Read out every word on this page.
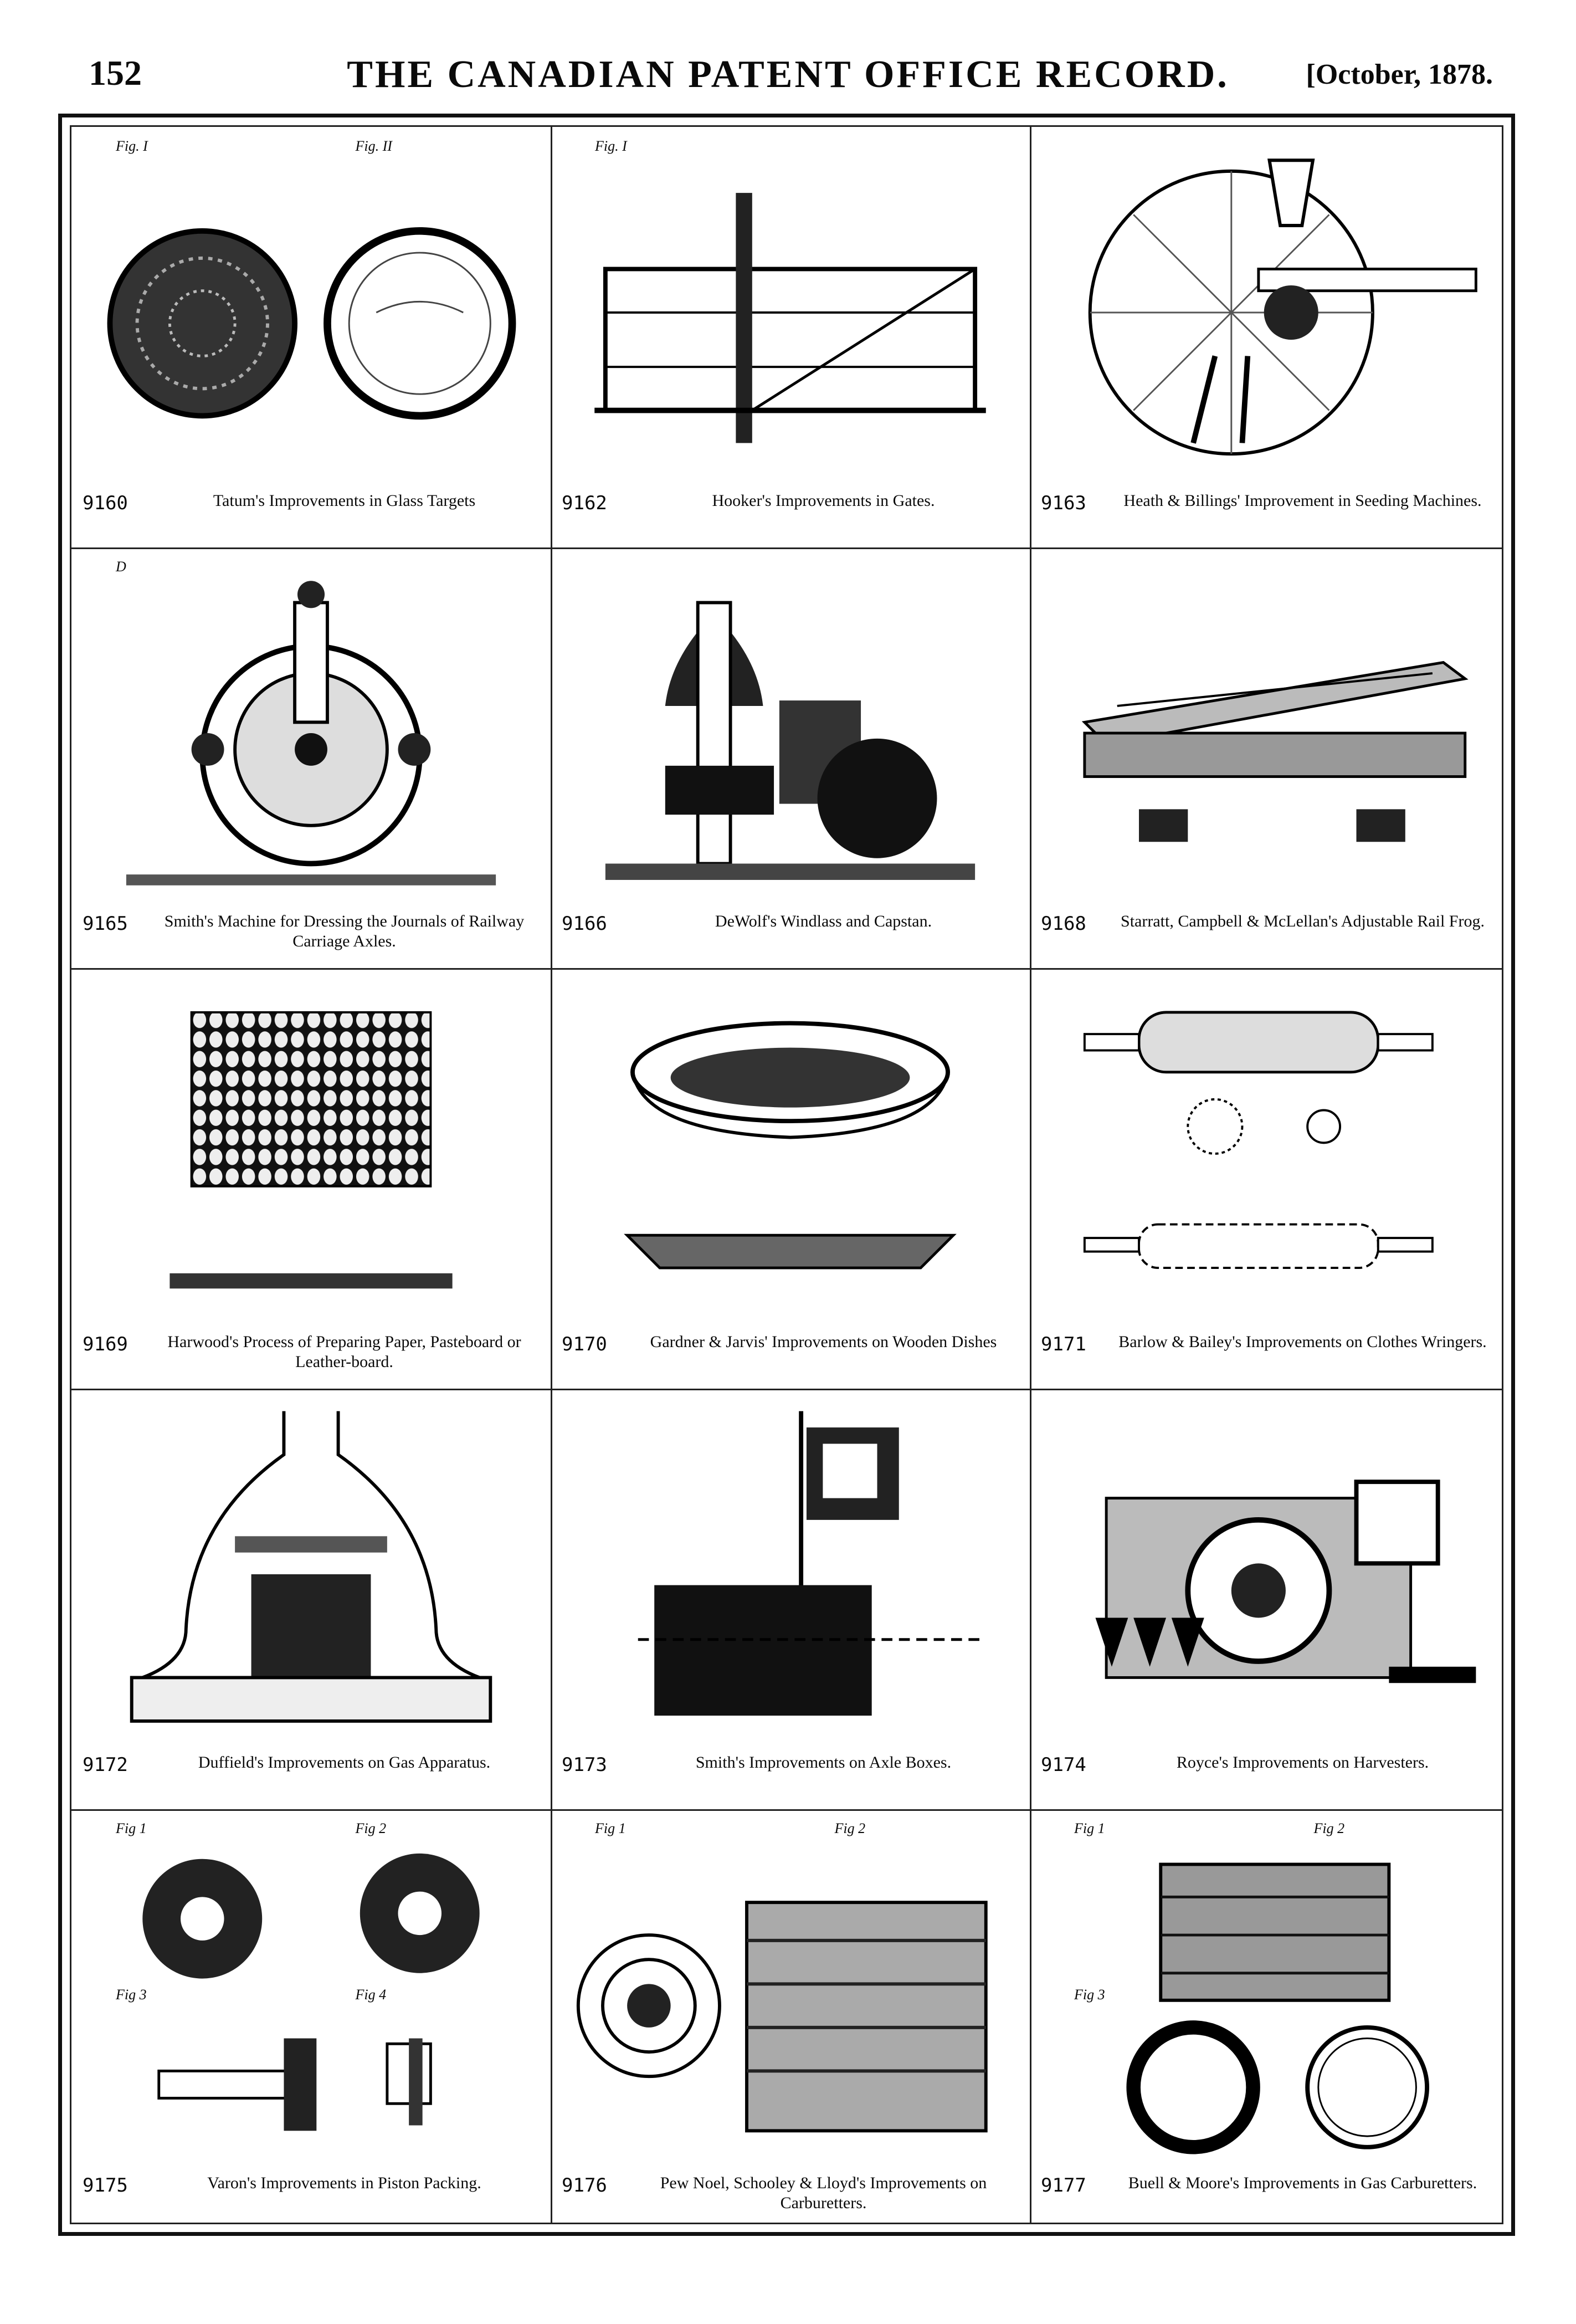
152	THE CANADIAN PATENT OFFICE RECORD.	[October, 1878.
Fig. I	Fig. II
9160	Tatum's Improvements in Glass Targets
Fig. I
9162	Hooker's Improvements in Gates.	9163	Heath & Billings' Improvement in Seeding Machines.
D
9165	Smith's Machine for Dressing the Journals of Railway Carriage Axles.
9166	DeWolf's Windlass and Capstan.	9168	Starratt, Campbell & McLellan's Adjustable Rail Frog.
9169	Harwood's Process of Preparing Paper, Pasteboard or Leather-board.
9170	Gardner & Jarvis' Improvements on Wooden Dishes	9171	Barlow & Bailey's Improvements on Clothes Wringers.
9172	Duffield's Improvements on Gas Apparatus.	9173	Smith's Improvements on Axle Boxes.	9174	Royce's Improvements on Harvesters.
Fig 1	Fig 2
Fig 3	Fig 4
9175	Varon's Improvements in Piston Packing.
Fig 1	Fig 2
9176	Pew Noel, Schooley & Lloyd's Improvements on Carburetters.
Fig 1	Fig 2
Fig 3
9177	Buell & Moore's Improvements in Gas Carburetters.
